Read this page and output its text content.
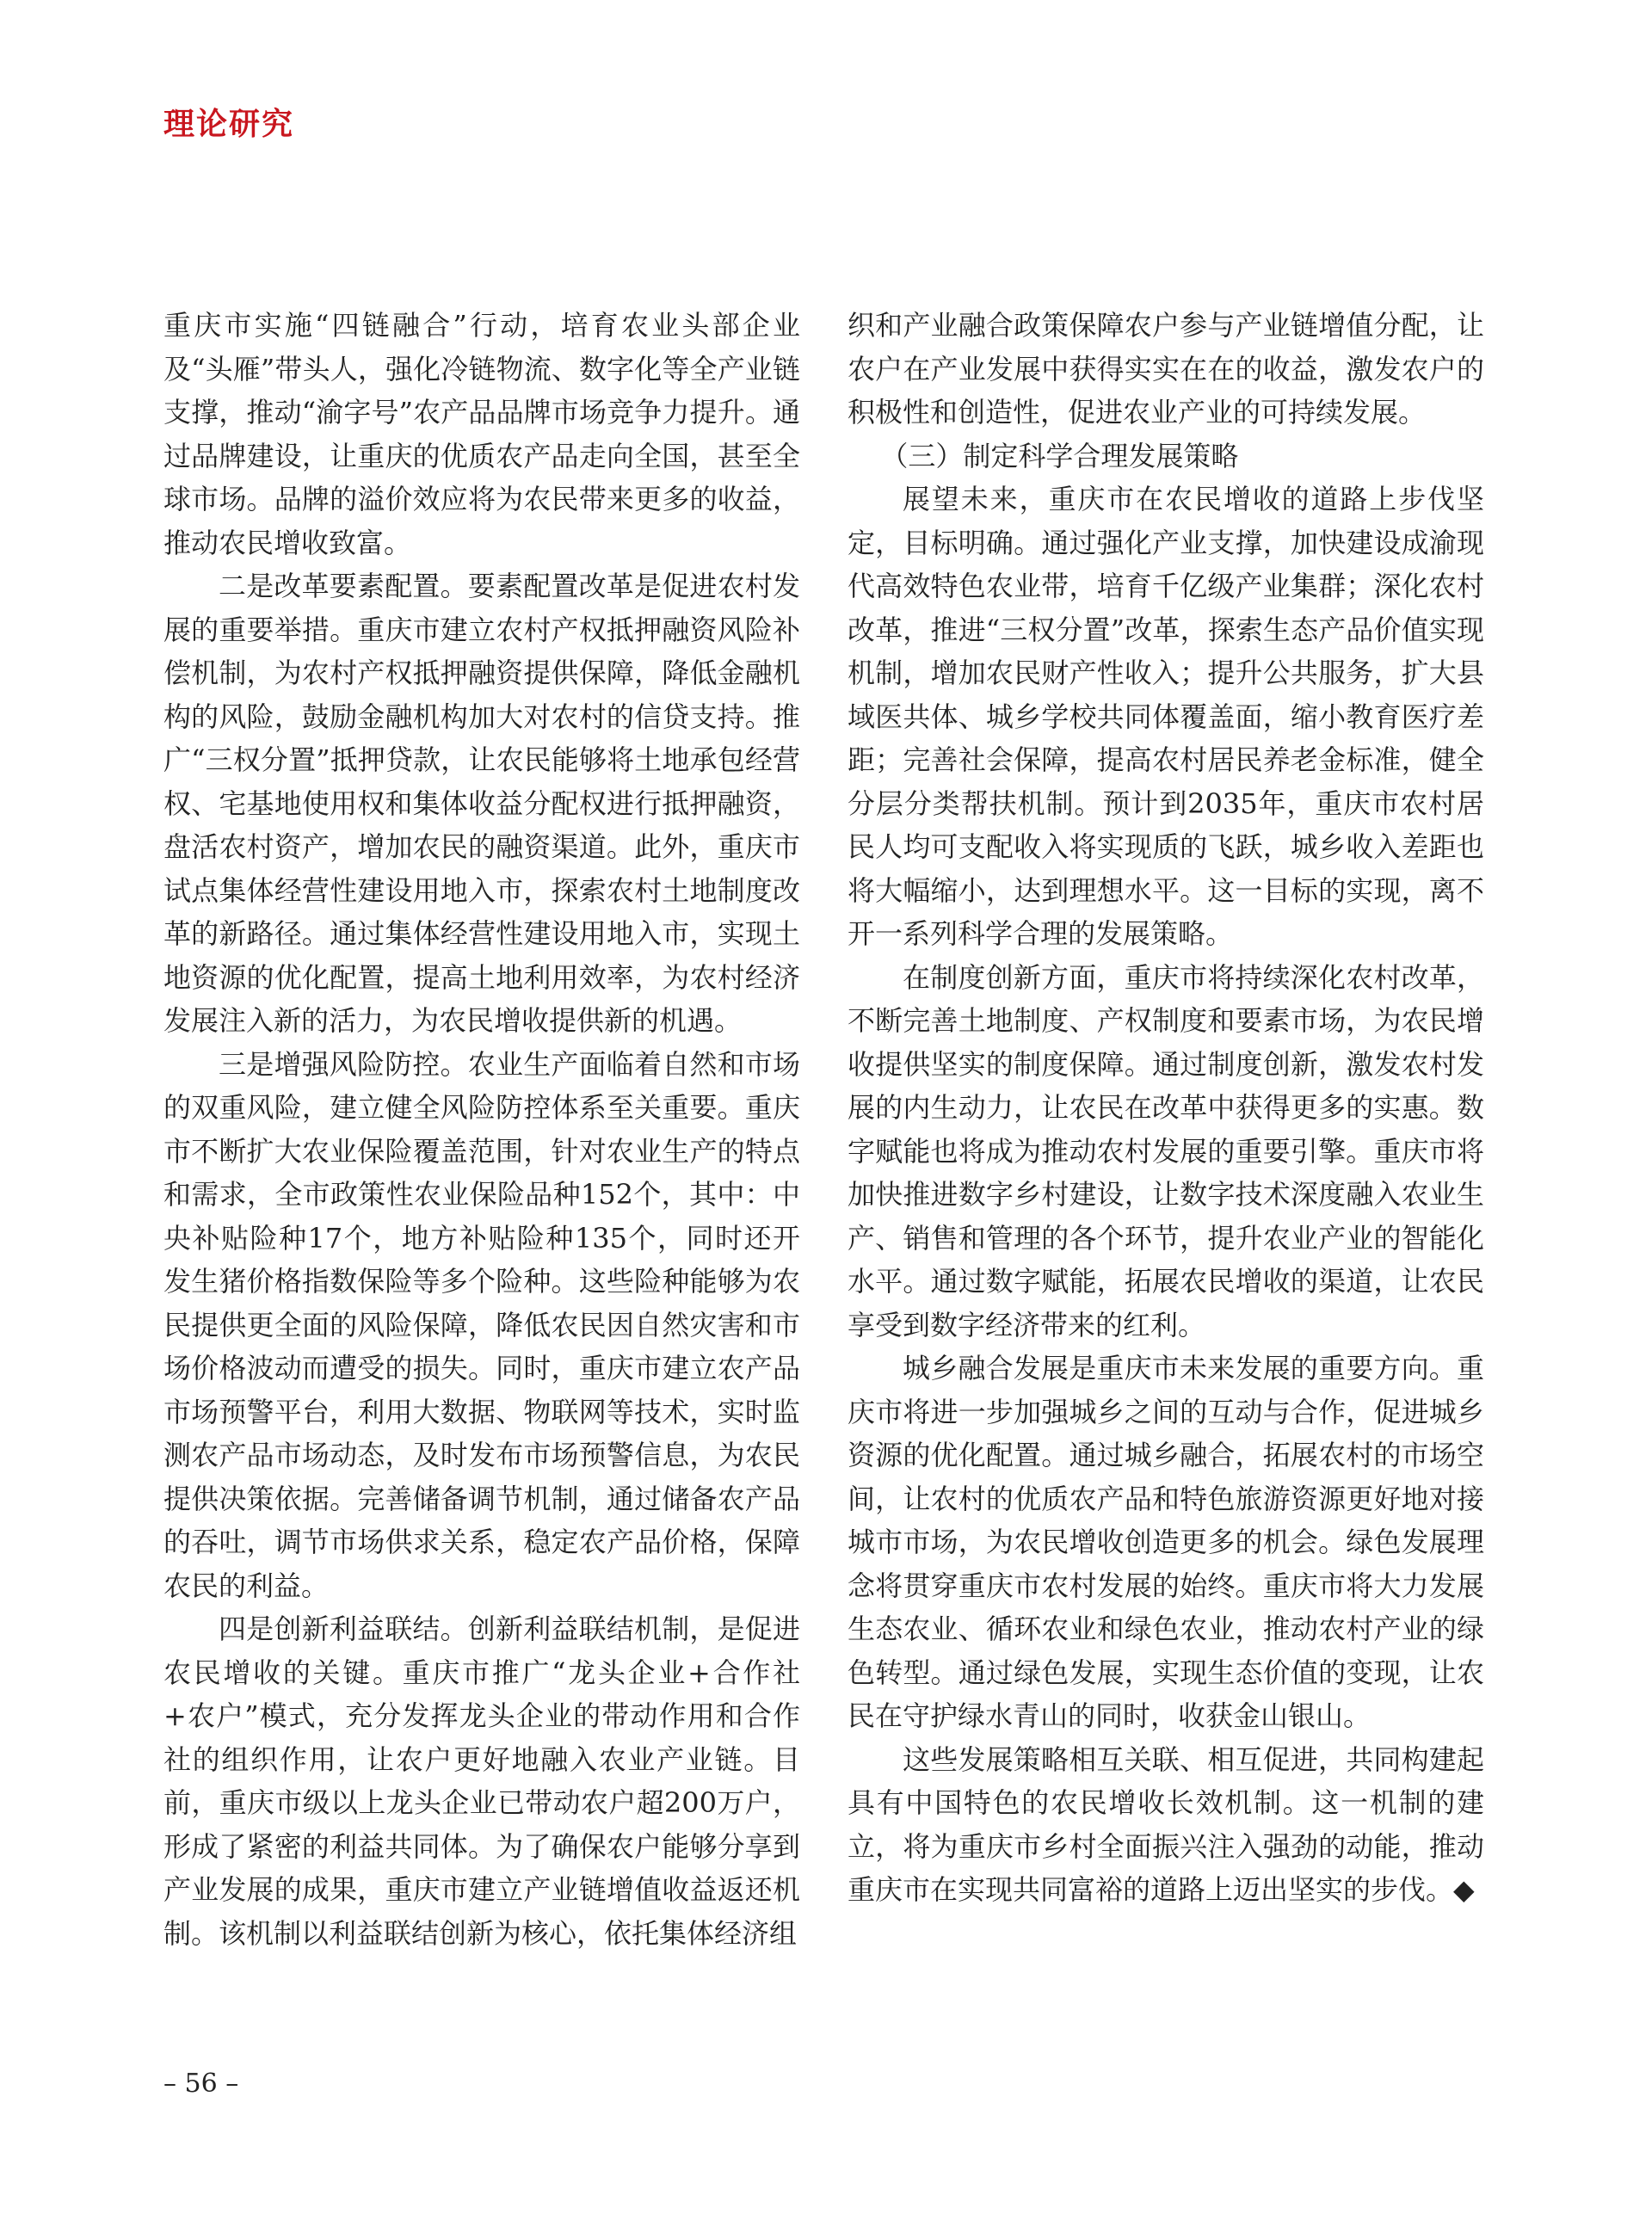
理论研究

重庆市实施“四链融合”行动，培育农业头部企业及“头雁”带头人，强化冷链物流、数字化等全产业链支撑，推动“渝字号”农产品品牌市场竞争力提升。通过品牌建设，让重庆的优质农产品走向全国，甚至全球市场。品牌的溢价效应将为农民带来更多的收益，推动农民增收致富。

二是改革要素配置。要素配置改革是促进农村发展的重要举措。重庆市建立农村产权抵押融资风险补偿机制，为农村产权抵押融资提供保障，降低金融机构的风险，鼓励金融机构加大对农村的信贷支持。推广“三权分置”抵押贷款，让农民能够将土地承包经营权、宅基地使用权和集体收益分配权进行抵押融资，盘活农村资产，增加农民的融资渠道。此外，重庆市试点集体经营性建设用地入市，探索农村土地制度改革的新路径。通过集体经营性建设用地入市，实现土地资源的优化配置，提高土地利用效率，为农村经济发展注入新的活力，为农民增收提供新的机遇。

三是增强风险防控。农业生产面临着自然和市场的双重风险，建立健全风险防控体系至关重要。重庆市不断扩大农业保险覆盖范围，针对农业生产的特点和需求，全市政策性农业保险品种152个，其中：中央补贴险种17个，地方补贴险种135个，同时还开发生猪价格指数保险等多个险种。这些险种能够为农民提供更全面的风险保障，降低农民因自然灾害和市场价格波动而遭受的损失。同时，重庆市建立农产品市场预警平台，利用大数据、物联网等技术，实时监测农产品市场动态，及时发布市场预警信息，为农民提供决策依据。完善储备调节机制，通过储备农产品的吞吐，调节市场供求关系，稳定农产品价格，保障农民的利益。

四是创新利益联结。创新利益联结机制，是促进农民增收的关键。重庆市推广“龙头企业+合作社+农户”模式，充分发挥龙头企业的带动作用和合作社的组织作用，让农户更好地融入农业产业链。目前，重庆市级以上龙头企业已带动农户超200万户，形成了紧密的利益共同体。为了确保农户能够分享到产业发展的成果，重庆市建立产业链增值收益返还机制。该机制以利益联结创新为核心，依托集体经济组

织和产业融合政策保障农户参与产业链增值分配，让农户在产业发展中获得实实在在的收益，激发农户的积极性和创造性，促进农业产业的可持续发展。

（三）制定科学合理发展策略

展望未来，重庆市在农民增收的道路上步伐坚定，目标明确。通过强化产业支撑，加快建设成渝现代高效特色农业带，培育千亿级产业集群；深化农村改革，推进“三权分置”改革，探索生态产品价值实现机制，增加农民财产性收入；提升公共服务，扩大县域医共体、城乡学校共同体覆盖面，缩小教育医疗差距；完善社会保障，提高农村居民养老金标准，健全分层分类帮扶机制。预计到2035年，重庆市农村居民人均可支配收入将实现质的飞跃，城乡收入差距也将大幅缩小，达到理想水平。这一目标的实现，离不开一系列科学合理的发展策略。

在制度创新方面，重庆市将持续深化农村改革，不断完善土地制度、产权制度和要素市场，为农民增收提供坚实的制度保障。通过制度创新，激发农村发展的内生动力，让农民在改革中获得更多的实惠。数字赋能也将成为推动农村发展的重要引擎。重庆市将加快推进数字乡村建设，让数字技术深度融入农业生产、销售和管理的各个环节，提升农业产业的智能化水平。通过数字赋能，拓展农民增收的渠道，让农民享受到数字经济带来的红利。

城乡融合发展是重庆市未来发展的重要方向。重庆市将进一步加强城乡之间的互动与合作，促进城乡资源的优化配置。通过城乡融合，拓展农村的市场空间，让农村的优质农产品和特色旅游资源更好地对接城市市场，为农民增收创造更多的机会。绿色发展理念将贯穿重庆市农村发展的始终。重庆市将大力发展生态农业、循环农业和绿色农业，推动农村产业的绿色转型。通过绿色发展，实现生态价值的变现，让农民在守护绿水青山的同时，收获金山银山。

这些发展策略相互关联、相互促进，共同构建起具有中国特色的农民增收长效机制。这一机制的建立，将为重庆市乡村全面振兴注入强劲的动能，推动重庆市在实现共同富裕的道路上迈出坚实的步伐。◆

– 56 –
